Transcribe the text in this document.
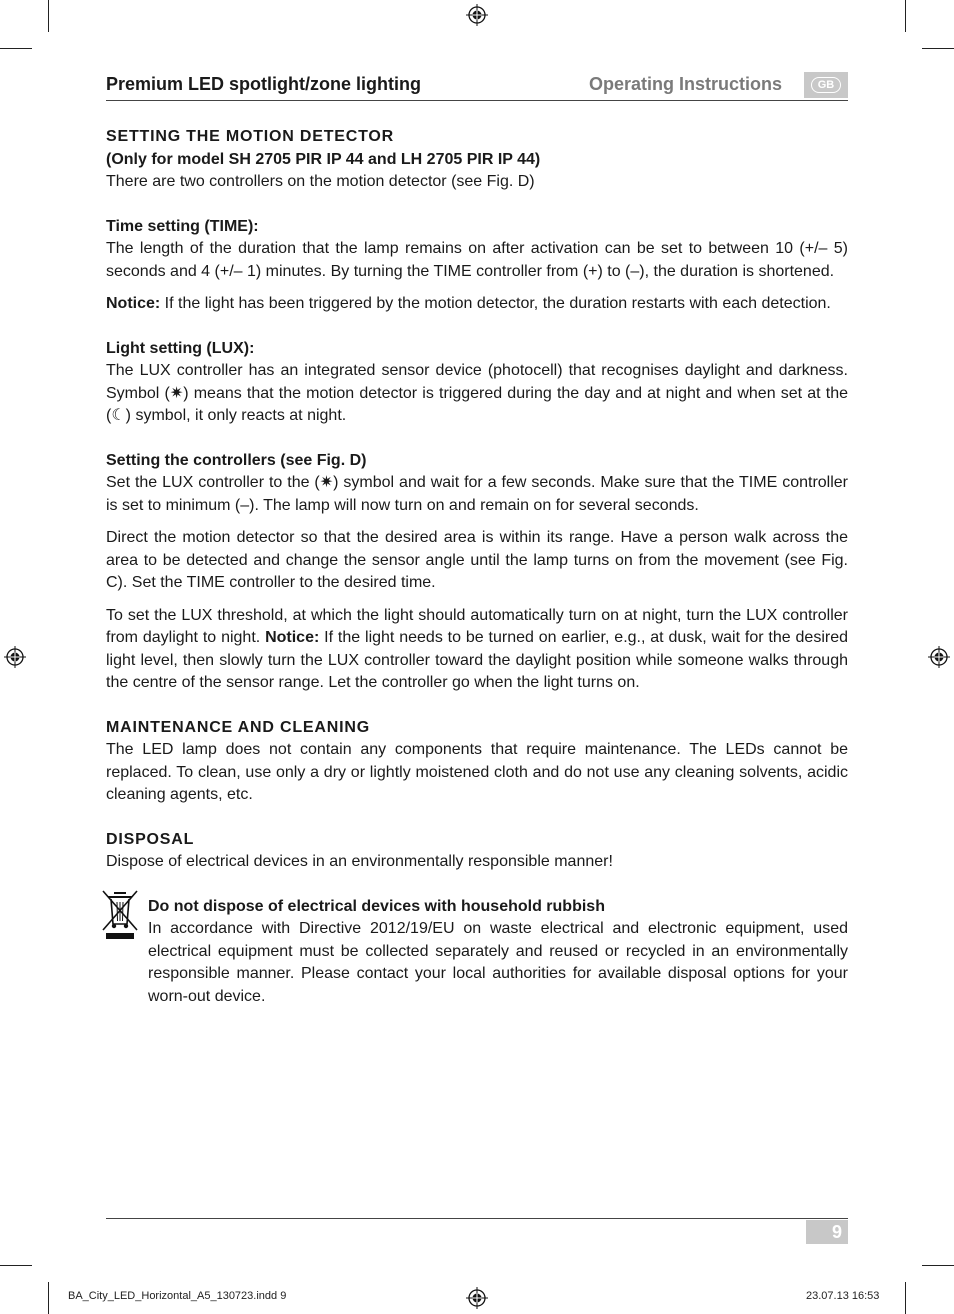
Premium LED spotlight/zone lighting	Operating Instructions	GB

SETTING THE MOTION DETECTOR

(Only for model SH 2705 PIR IP 44 and LH 2705 PIR IP 44)

There are two controllers on the motion detector (see Fig. D)

Time setting (TIME):

The length of the duration that the lamp remains on after activation can be set to between 10 (+/– 5) seconds and 4 (+/– 1) minutes. By turning the TIME controller from (+) to (–), the duration is shortened.

Notice: If the light has been triggered by the motion detector, the duration restarts with each detection.

Light setting (LUX):

The LUX controller has an integrated sensor device (photocell) that recognises daylight and darkness. Symbol (✷) means that the motion detector is triggered during the day and at night and when set at the (☾) symbol, it only reacts at night.

Setting the controllers (see Fig. D)

Set the LUX controller to the (✷) symbol and wait for a few seconds. Make sure that the TIME controller is set to minimum (–). The lamp will now turn on and remain on for several seconds.

Direct the motion detector so that the desired area is within its range. Have a person walk across the area to be detected and change the sensor angle until the lamp turns on from the movement (see Fig. C). Set the TIME controller to the desired time.

To set the LUX threshold, at which the light should automatically turn on at night, turn the LUX controller from daylight to night. Notice: If the light needs to be turned on earlier, e.g., at dusk, wait for the desired light level, then slowly turn the LUX controller toward the daylight position while someone walks through the centre of the sensor range. Let the controller go when the light turns on.

MAINTENANCE AND CLEANING

The LED lamp does not contain any components that require maintenance. The LEDs cannot be replaced. To clean, use only a dry or lightly moistened cloth and do not use any cleaning solvents, acidic cleaning agents, etc.

DISPOSAL

Dispose of electrical devices in an environmentally responsible manner!

Do not dispose of electrical devices with household rubbish

In accordance with Directive 2012/19/EU on waste electrical and electronic equipment, used electrical equipment must be collected separately and reused or recycled in an environmentally responsible manner. Please contact your local authorities for available disposal options for your worn-out device.

9
BA_City_LED_Horizontal_A5_130723.indd 9	23.07.13 16:53
